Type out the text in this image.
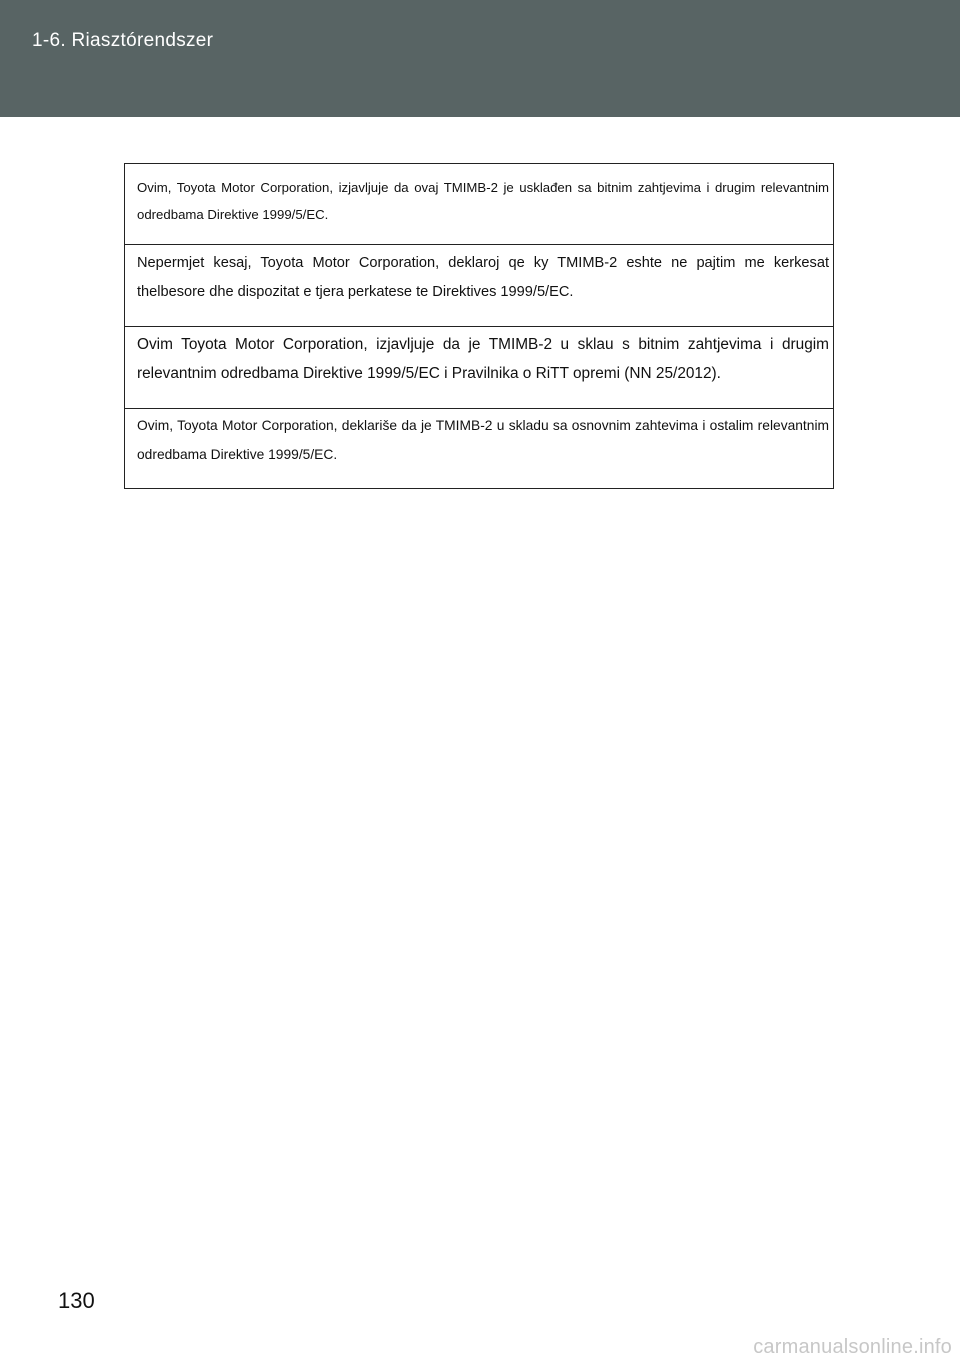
1-6. Riasztórendszer

Ovim, Toyota Motor Corporation, izjavljuje da ovaj TMIMB-2 je usklađen sa bitnim zahtjevima i drugim relevantnim odredbama Direktive 1999/5/EC.

Nepermjet kesaj, Toyota Motor Corporation, deklaroj qe ky TMIMB-2 eshte ne pajtim me kerkesat thelbesore dhe dispozitat e tjera perkatese te Direktives 1999/5/EC.

Ovim Toyota Motor Corporation, izjavljuje da je TMIMB-2 u sklau s bitnim zahtjevima i drugim relevantnim odredbama Direktive 1999/5/EC i Pravilnika o RiTT opremi (NN 25/2012).

Ovim, Toyota Motor Corporation, deklariše da je TMIMB-2 u skladu sa osnovnim zahtevima i ostalim relevantnim odredbama Direktive 1999/5/EC.

130
carmanualsonline.info
